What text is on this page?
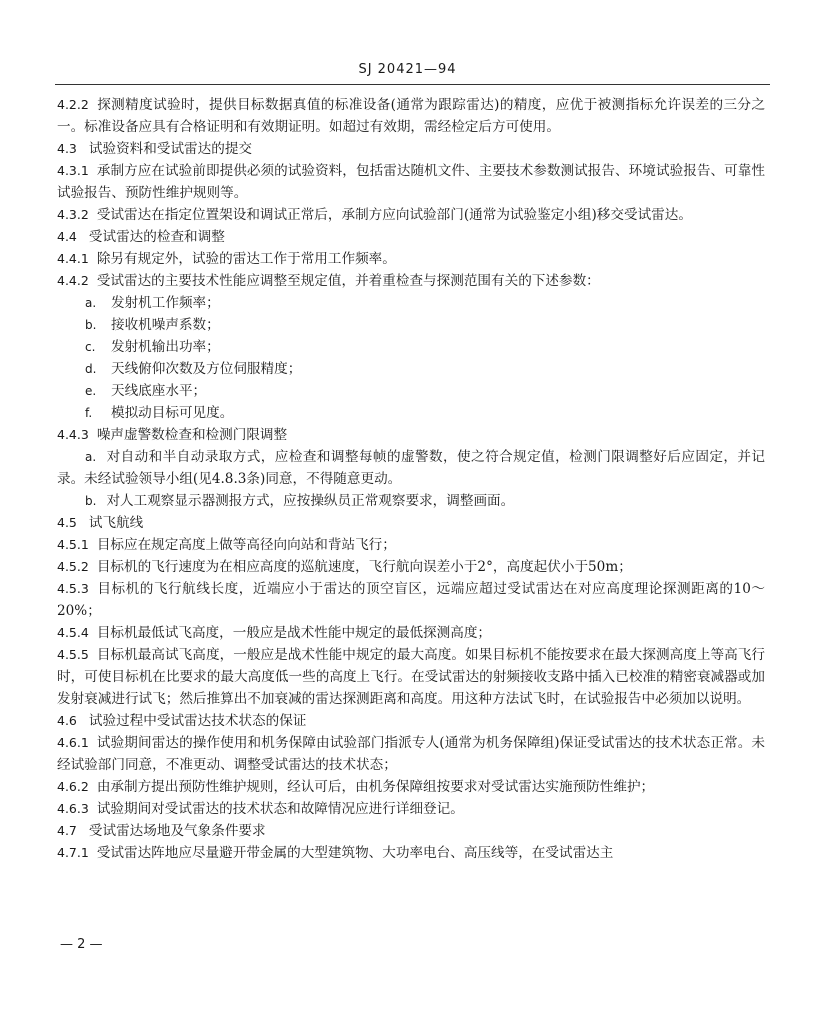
SJ 20421—94

4.2.2 探测精度试验时，提供目标数据真值的标准设备(通常为跟踪雷达)的精度，应优于被测指标允许误差的三分之一。标准设备应具有合格证明和有效期证明。如超过有效期，需经检定后方可使用。

4.3 试验资料和受试雷达的提交

4.3.1 承制方应在试验前即提供必须的试验资料，包括雷达随机文件、主要技术参数测试报告、环境试验报告、可靠性试验报告、预防性维护规则等。

4.3.2 受试雷达在指定位置架设和调试正常后，承制方应向试验部门(通常为试验鉴定小组)移交受试雷达。

4.4 受试雷达的检查和调整

4.4.1 除另有规定外，试验的雷达工作于常用工作频率。

4.4.2 受试雷达的主要技术性能应调整至规定值，并着重检查与探测范围有关的下述参数：

a. 发射机工作频率；

b. 接收机噪声系数；

c. 发射机输出功率；

d. 天线俯仰次数及方位伺服精度；

e. 天线底座水平；

f. 模拟动目标可见度。

4.4.3 噪声虚警数检查和检测门限调整

a. 对自动和半自动录取方式，应检查和调整每帧的虚警数，使之符合规定值，检测门限调整好后应固定，并记录。未经试验领导小组(见4.8.3条)同意，不得随意更动。

b. 对人工观察显示器测报方式，应按操纵员正常观察要求，调整画面。

4.5 试飞航线

4.5.1 目标应在规定高度上做等高径向向站和背站飞行；

4.5.2 目标机的飞行速度为在相应高度的巡航速度，飞行航向误差小于2°，高度起伏小于50m；

4.5.3 目标机的飞行航线长度，近端应小于雷达的顶空盲区，远端应超过受试雷达在对应高度理论探测距离的10～20%；

4.5.4 目标机最低试飞高度，一般应是战术性能中规定的最低探测高度；

4.5.5 目标机最高试飞高度，一般应是战术性能中规定的最大高度。如果目标机不能按要求在最大探测高度上等高飞行时，可使目标机在比要求的最大高度低一些的高度上飞行。在受试雷达的射频接收支路中插入已校准的精密衰减器或加发射衰减进行试飞；然后推算出不加衰减的雷达探测距离和高度。用这种方法试飞时，在试验报告中必须加以说明。

4.6 试验过程中受试雷达技术状态的保证

4.6.1 试验期间雷达的操作使用和机务保障由试验部门指派专人(通常为机务保障组)保证受试雷达的技术状态正常。未经试验部门同意，不准更动、调整受试雷达的技术状态；

4.6.2 由承制方提出预防性维护规则，经认可后，由机务保障组按要求对受试雷达实施预防性维护；

4.6.3 试验期间对受试雷达的技术状态和故障情况应进行详细登记。

4.7 受试雷达场地及气象条件要求

4.7.1 受试雷达阵地应尽量避开带金属的大型建筑物、大功率电台、高压线等，在受试雷达主

— 2 —
